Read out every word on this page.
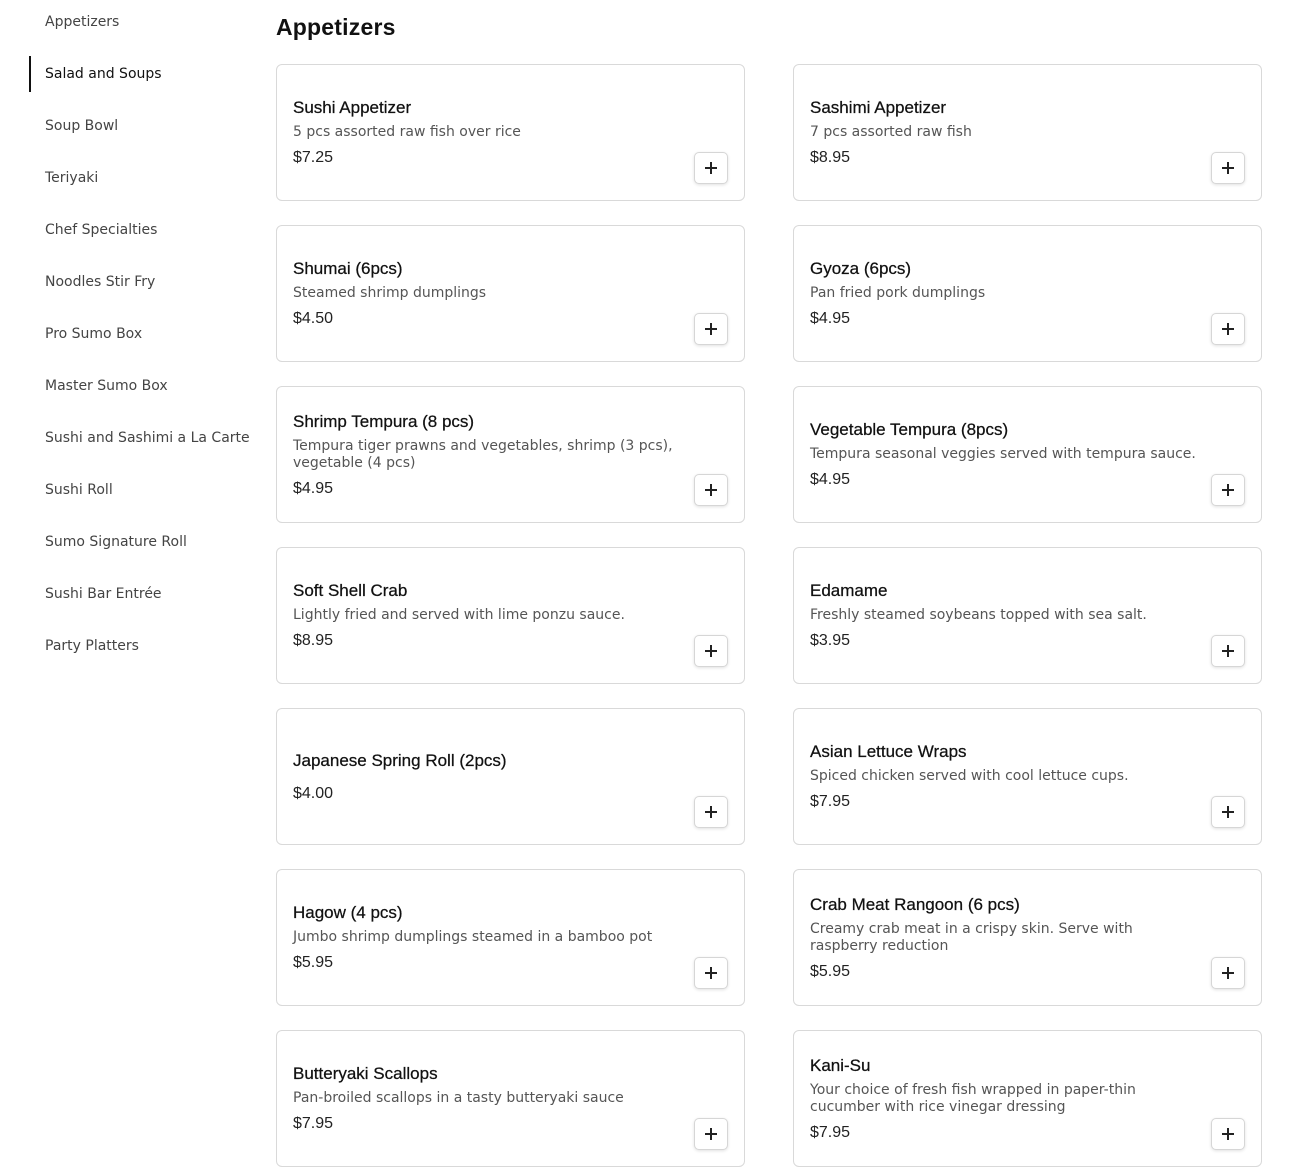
Appetizers
Salad and Soups
Soup Bowl
Teriyaki
Chef Specialties
Noodles Stir Fry
Pro Sumo Box
Master Sumo Box
Sushi and Sashimi a La Carte
Sushi Roll
Sumo Signature Roll
Sushi Bar Entrée
Party Platters
Appetizers
Sushi Appetizer
5 pcs assorted raw fish over rice
$7.25
Sashimi Appetizer
7 pcs assorted raw fish
$8.95
Shumai (6pcs)
Steamed shrimp dumplings
$4.50
Gyoza (6pcs)
Pan fried pork dumplings
$4.95
Shrimp Tempura (8 pcs)
Tempura tiger prawns and vegetables, shrimp (3 pcs), vegetable (4 pcs)
$4.95
Vegetable Tempura (8pcs)
Tempura seasonal veggies served with tempura sauce.
$4.95
Soft Shell Crab
Lightly fried and served with lime ponzu sauce.
$8.95
Edamame
Freshly steamed soybeans topped with sea salt.
$3.95
Japanese Spring Roll (2pcs)
$4.00
Asian Lettuce Wraps
Spiced chicken served with cool lettuce cups.
$7.95
Hagow (4 pcs)
Jumbo shrimp dumplings steamed in a bamboo pot
$5.95
Crab Meat Rangoon (6 pcs)
Creamy crab meat in a crispy skin. Serve with raspberry reduction
$5.95
Butteryaki Scallops
Pan-broiled scallops in a tasty butteryaki sauce
$7.95
Kani-Su
Your choice of fresh fish wrapped in paper-thin cucumber with rice vinegar dressing
$7.95
